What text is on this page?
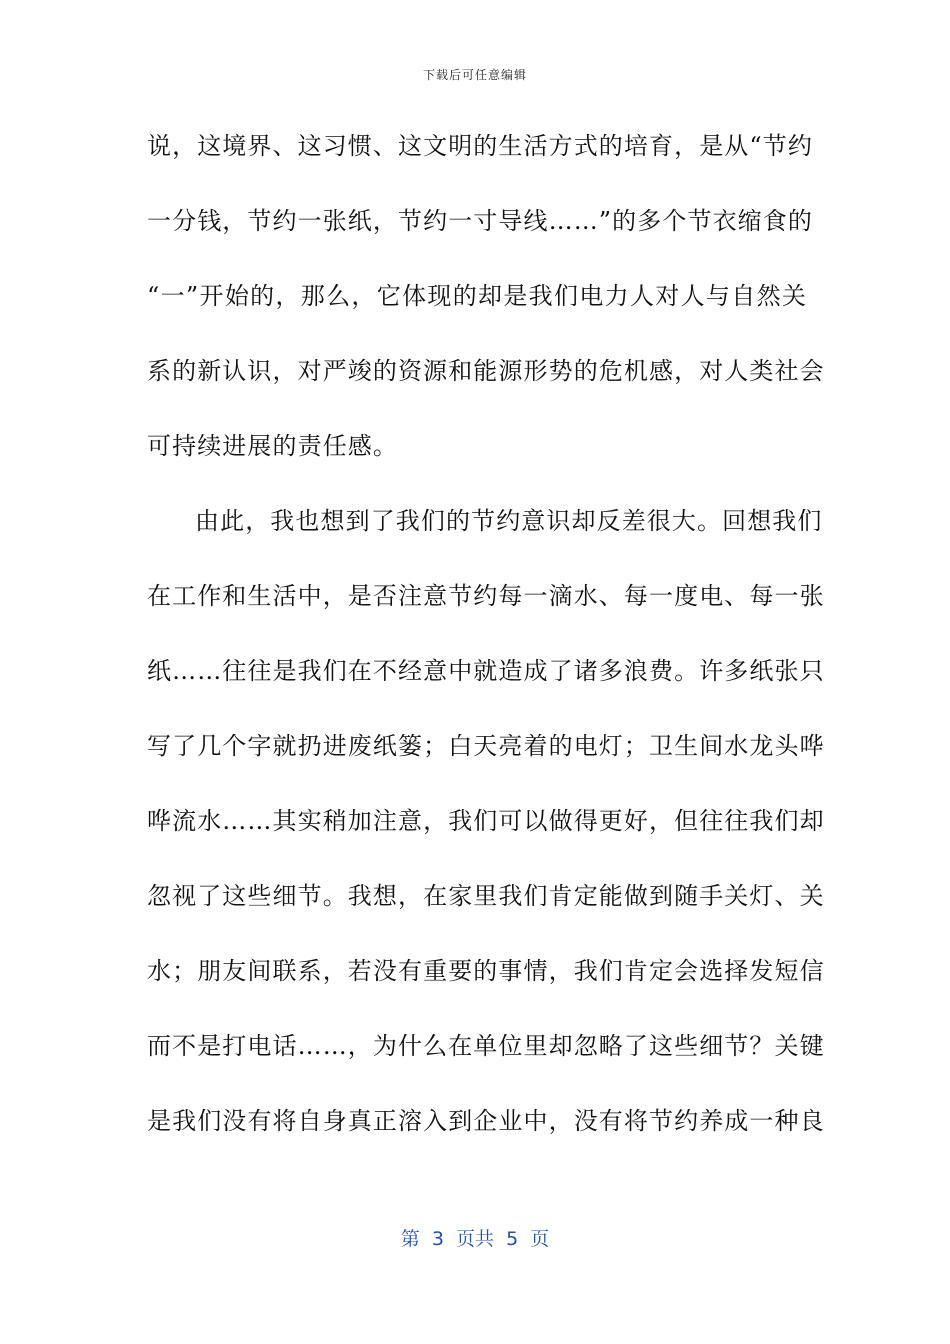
下载后可任意编辑
说，这境界、这习惯、这文明的生活方式的培育，是从“节约
一分钱，节约一张纸，节约一寸导线……”的多个节衣缩食的
“一”开始的，那么，它体现的却是我们电力人对人与自然关
系的新认识，对严竣的资源和能源形势的危机感，对人类社会
可持续进展的责任感。
由此，我也想到了我们的节约意识却反差很大。回想我们
在工作和生活中，是否注意节约每一滴水、每一度电、每一张
纸……往往是我们在不经意中就造成了诸多浪费。许多纸张只
写了几个字就扔进废纸篓；白天亮着的电灯；卫生间水龙头哗
哗流水……其实稍加注意，我们可以做得更好，但往往我们却
忽视了这些细节。我想，在家里我们肯定能做到随手关灯、关
水；朋友间联系，若没有重要的事情，我们肯定会选择发短信
而不是打电话……，为什么在单位里却忽略了这些细节？关键
是我们没有将自身真正溶入到企业中，没有将节约养成一种良
第  3  页共  5  页
